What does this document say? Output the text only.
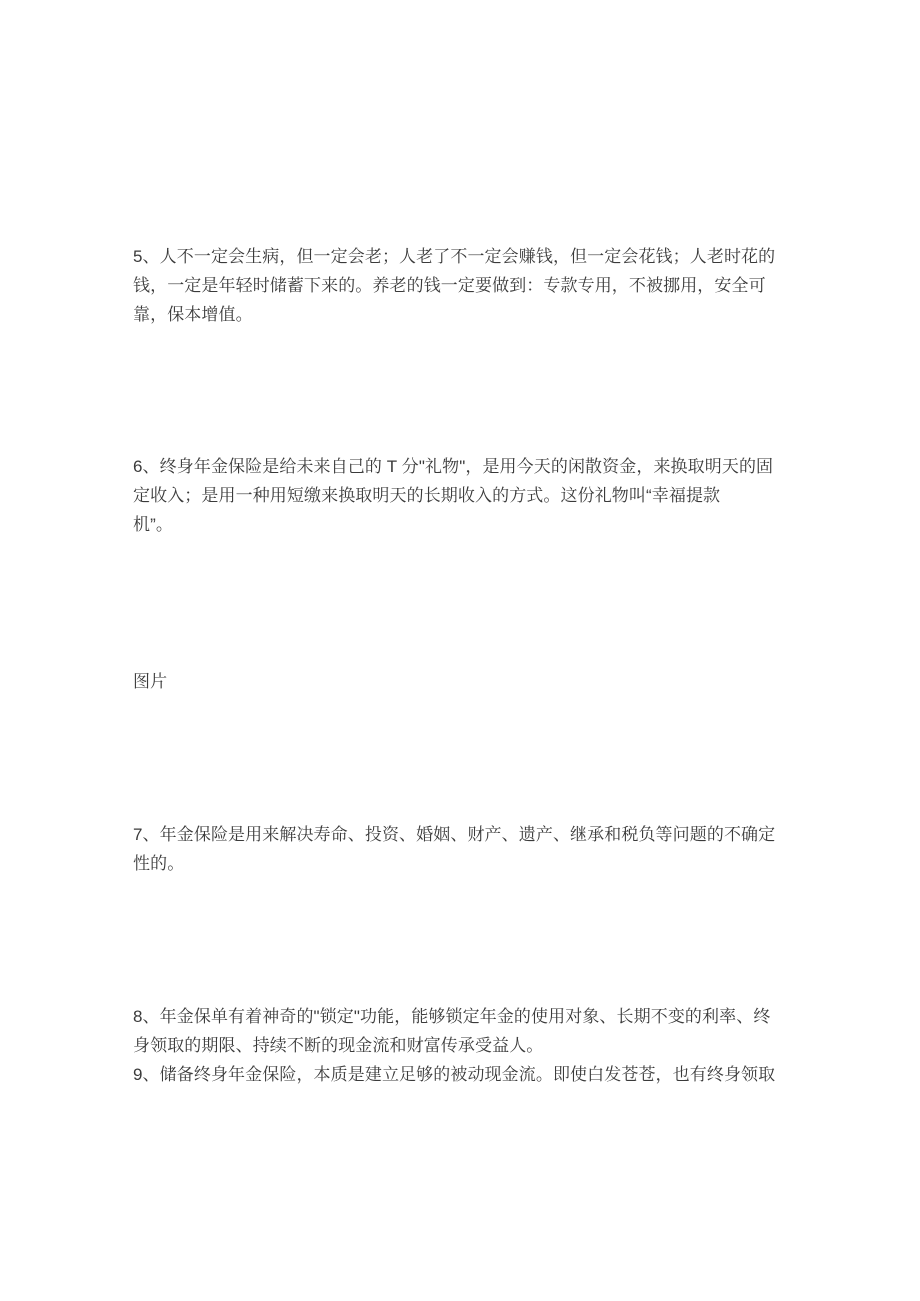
5、人不一定会生病，但一定会老；人老了不一定会赚钱，但一定会花钱；人老时花的
钱，一定是年轻时储蓄下来的。养老的钱一定要做到：专款专用，不被挪用，安全可
靠，保本增值。
6、终身年金保险是给未来自己的 T 分"礼物"，是用今天的闲散资金，来换取明天的固
定收入；是用一种用短缴来换取明天的长期收入的方式。这份礼物叫“幸福提款
机”。
图片
7、年金保险是用来解决寿命、投资、婚姻、财产、遗产、继承和税负等问题的不确定
性的。
8、年金保单有着神奇的"锁定"功能，能够锁定年金的使用对象、长期不变的利率、终
身领取的期限、持续不断的现金流和财富传承受益人。
9、储备终身年金保险，本质是建立足够的被动现金流。即使白发苍苍，也有终身领取
